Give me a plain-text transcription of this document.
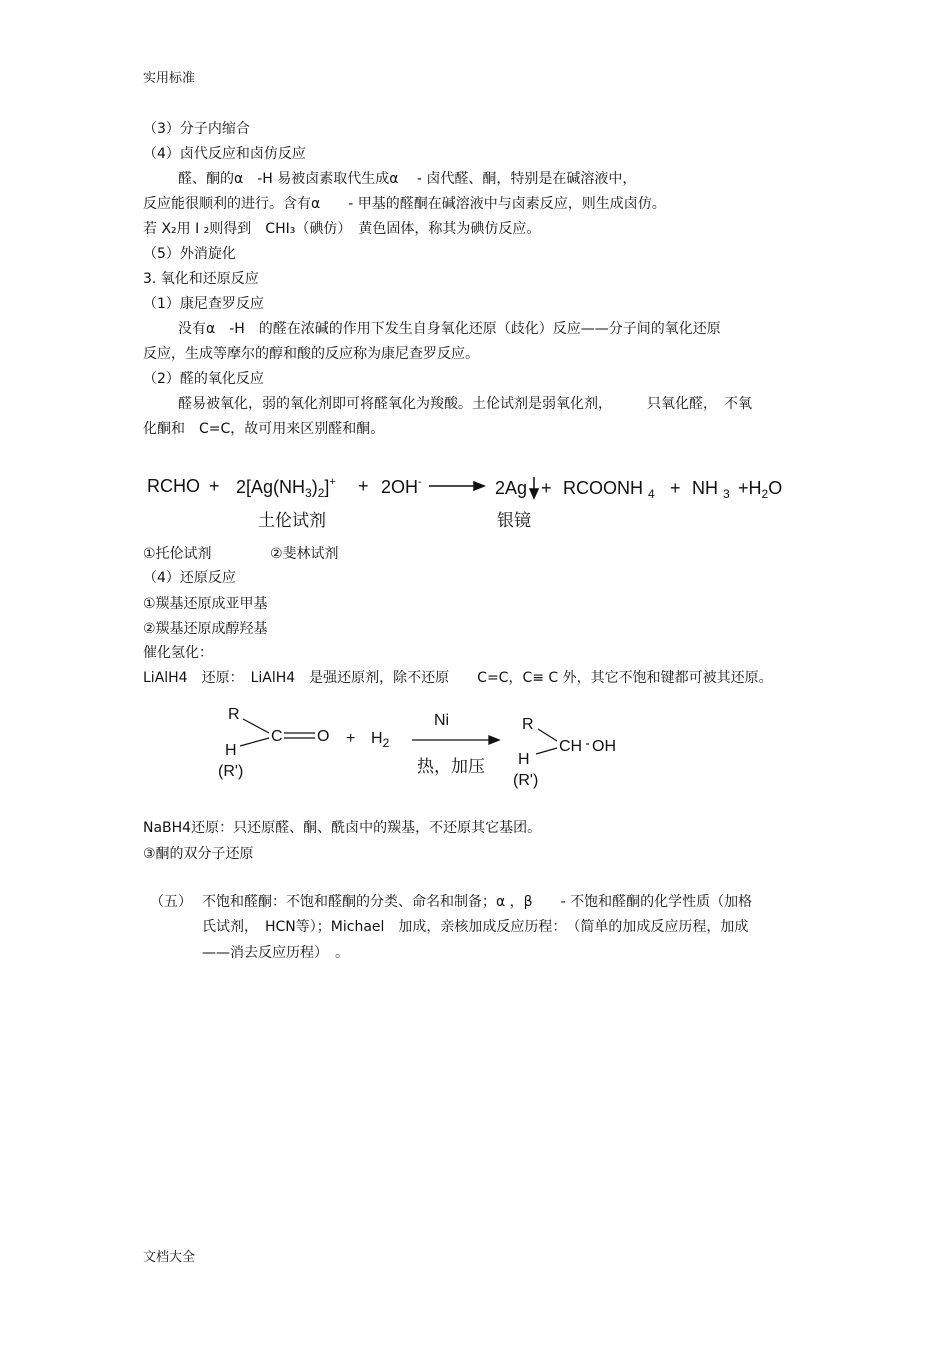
实用标准
（3）分子内缩合
（4）卤代反应和卤仿反应
醛、酮的α　-H 易被卤素取代生成α　 - 卤代醛、酮，特别是在碱溶液中，
反应能很顺利的进行。含有α　　- 甲基的醛酮在碱溶液中与卤素反应，则生成卤仿。
若 X₂用 I ₂则得到　CHI₃（碘仿）　黄色固体，称其为碘仿反应。
（5）外消旋化
3. 氧化和还原反应
（1）康尼查罗反应
没有α　-H　的醛在浓碱的作用下发生自身氧化还原（歧化）反应——分子间的氧化还原
反应，生成等摩尔的醇和酸的反应称为康尼查罗反应。
（2）醛的氧化反应
醛易被氧化，弱的氧化剂即可将醛氧化为羧酸。土伦试剂是弱氧化剂，　　　只氧化醛，　不氧
化酮和　C=C，故可用来区别醛和酮。
RCHO + $2[Ag(NH_3)_2]^+ + 2OH^-$	2Ag + RCOONH $_4$ + NH $_3 +H_2O$
土伦试剂	银镜
①托伦试剂	②斐林试剂
（4）还原反应
①羰基还原成亚甲基
②羰基还原成醇羟基
催化氢化：
LiAlH4　还原：　LiAlH4　是强还原剂，除不还原　　C=C，C≡ C 外，其它不饱和键都可被其还原。
R
C O
H
(R')
+ $H_2$
Ni
热，加压
R
CH OH
H
(R')
NaBH4还原：只还原醛、酮、酰卤中的羰基，不还原其它基团。
③酮的双分子还原
（五） 不饱和醛酮：不饱和醛酮的分类、命名和制备；α ，β　　- 不饱和醛酮的化学性质（加格
氏试剂，　HCN等）；Michael　加成，亲核加成反应历程：　（简单的加成反应历程，加成
——消去反应历程）　。
文档大全
